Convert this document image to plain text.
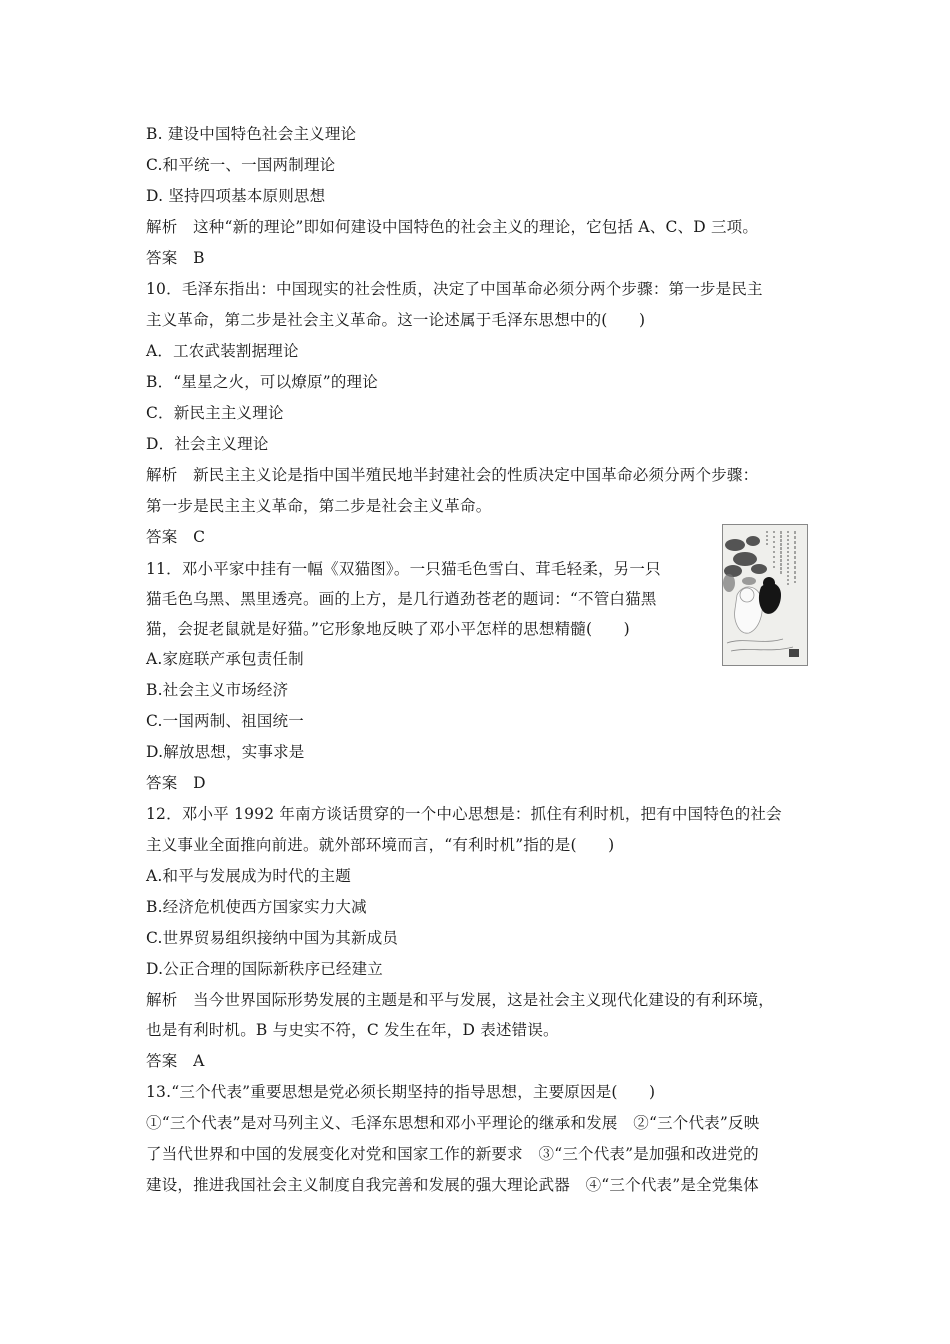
B. 建设中国特色社会主义理论
C.和平统一、一国两制理论
D. 坚持四项基本原则思想
解析　这种“新的理论”即如何建设中国特色的社会主义的理论，它包括 A、C、D 三项。
答案　B
10．毛泽东指出：中国现实的社会性质，决定了中国革命必须分两个步骤：第一步是民主
主义革命，第二步是社会主义革命。这一论述属于毛泽东思想中的(　　)
A．工农武装割据理论
B．“星星之火，可以燎原”的理论
C．新民主主义理论
D．社会主义理论
解析　新民主主义论是指中国半殖民地半封建社会的性质决定中国革命必须分两个步骤：
第一步是民主主义革命，第二步是社会主义革命。
答案　C
11．邓小平家中挂有一幅《双猫图》。一只猫毛色雪白、茸毛轻柔，另一只
猫毛色乌黑、黑里透亮。画的上方，是几行遒劲苍老的题词：“不管白猫黑
猫，会捉老鼠就是好猫。”它形象地反映了邓小平怎样的思想精髓(　　)
A.家庭联产承包责任制
B.社会主义市场经济
C.一国两制、祖国统一
D.解放思想，实事求是
答案　D
12．邓小平 1992 年南方谈话贯穿的一个中心思想是：抓住有利时机，把有中国特色的社会
主义事业全面推向前进。就外部环境而言，“有利时机”指的是(　　)
A.和平与发展成为时代的主题
B.经济危机使西方国家实力大减
C.世界贸易组织接纳中国为其新成员
D.公正合理的国际新秩序已经建立
解析　当今世界国际形势发展的主题是和平与发展，这是社会主义现代化建设的有利环境，
也是有利时机。B 与史实不符，C 发生在年，D 表述错误。
答案　A
13.“三个代表”重要思想是党必须长期坚持的指导思想，主要原因是(　　)
①“三个代表”是对马列主义、毛泽东思想和邓小平理论的继承和发展　②“三个代表”反映
了当代世界和中国的发展变化对党和国家工作的新要求　③“三个代表”是加强和改进党的
建设，推进我国社会主义制度自我完善和发展的强大理论武器　④“三个代表”是全党集体
